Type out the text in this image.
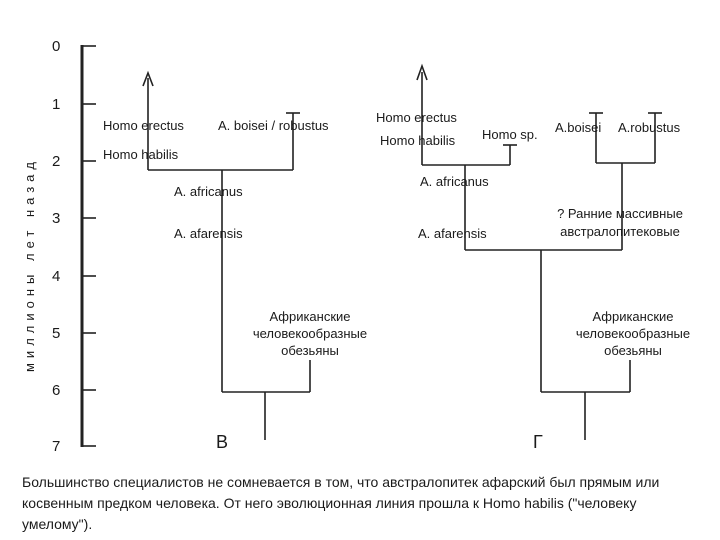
0
1
2
3
4
5
6
7
миллионы лет назад
Homo erectus	A. boisei / robustus
Homo habilis
A. africanus
A. afarensis
Африканские
человекообразные
обезьяны
В
Homo erectus
Homo habilis Homo sp. A.boisei A.robustus
A. africanus
? Ранние массивные
австралопитековые
A. afarensis
Африканские
человекообразные
обезьяны
Г
Большинство специалистов не сомневается в том, что австралопитек афарский был прямым или косвенным предком человека. От него эволюционная линия прошла к Homo habilis ("человеку умелому").
